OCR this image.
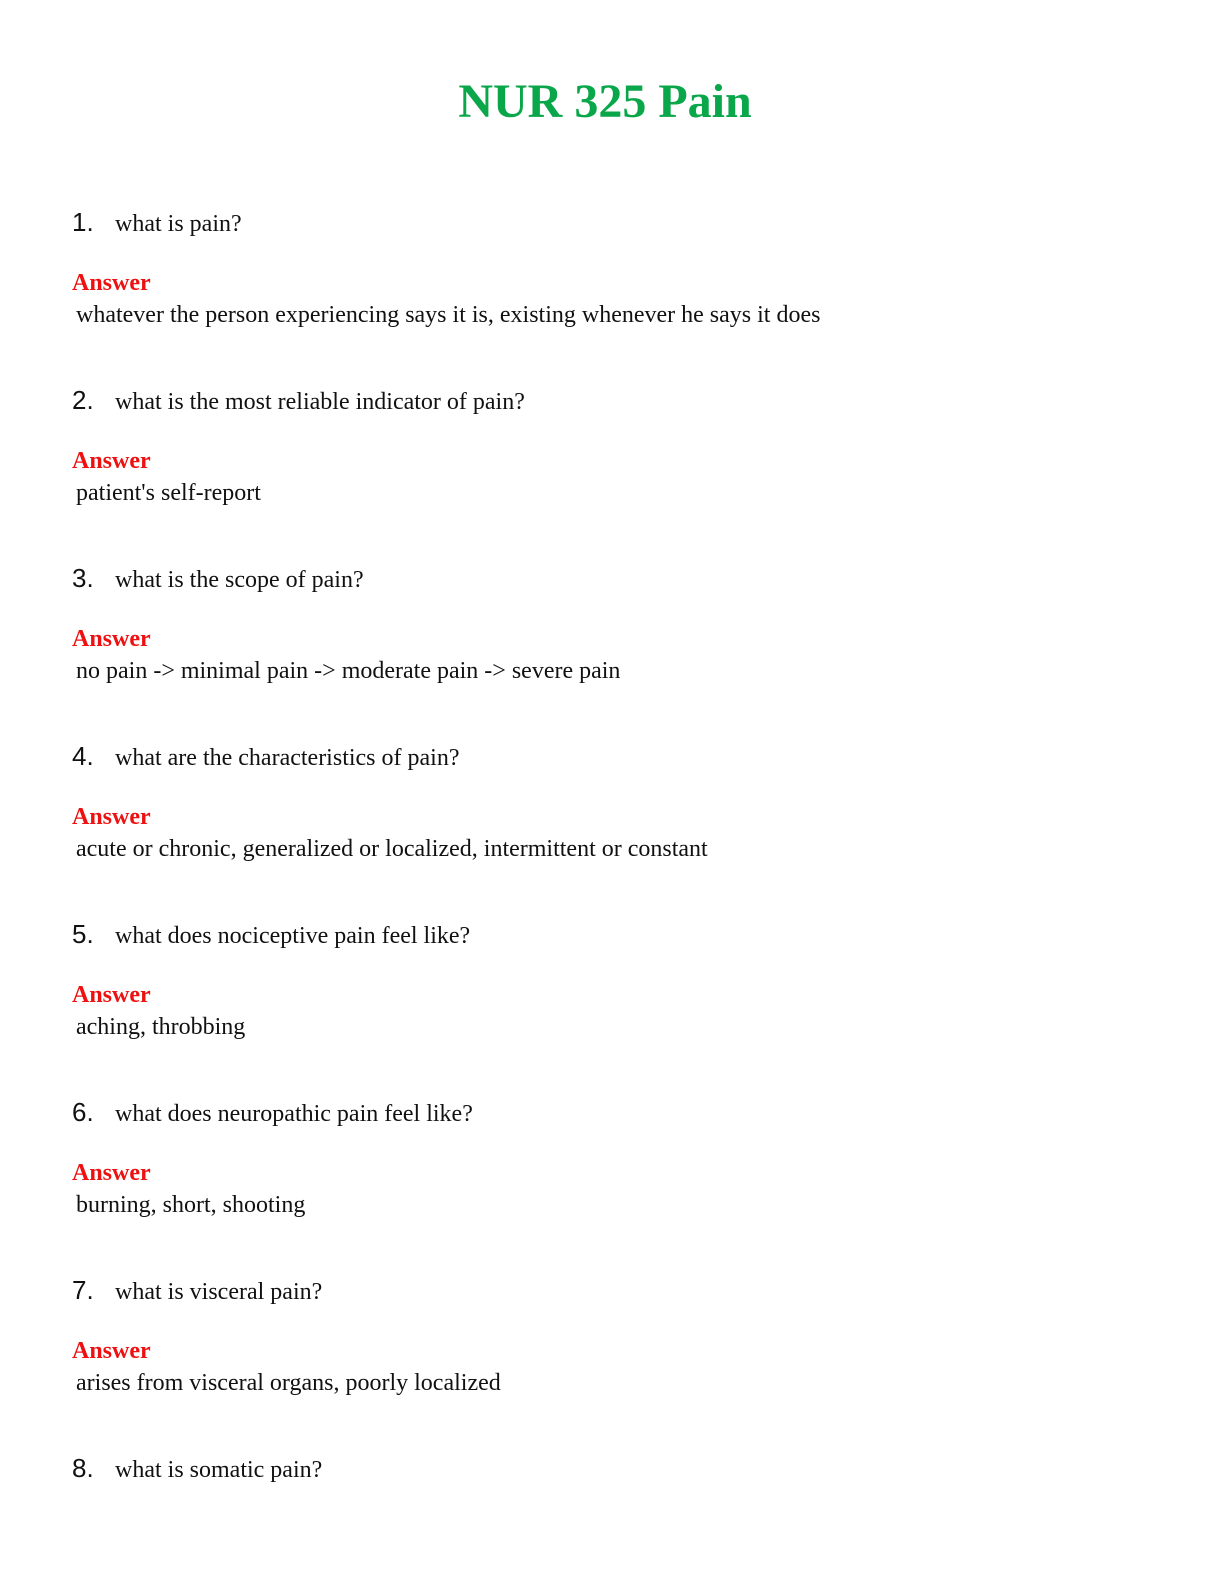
NUR 325 Pain
1. what is pain?
Answer
whatever the person experiencing says it is, existing whenever he says it does
2. what is the most reliable indicator of pain?
Answer
patient's self-report
3. what is the scope of pain?
Answer
no pain -> minimal pain -> moderate pain -> severe pain
4. what are the characteristics of pain?
Answer
acute or chronic, generalized or localized, intermittent or constant
5. what does nociceptive pain feel like?
Answer
aching, throbbing
6. what does neuropathic pain feel like?
Answer
burning, short, shooting
7. what is visceral pain?
Answer
arises from visceral organs, poorly localized
8. what is somatic pain?
